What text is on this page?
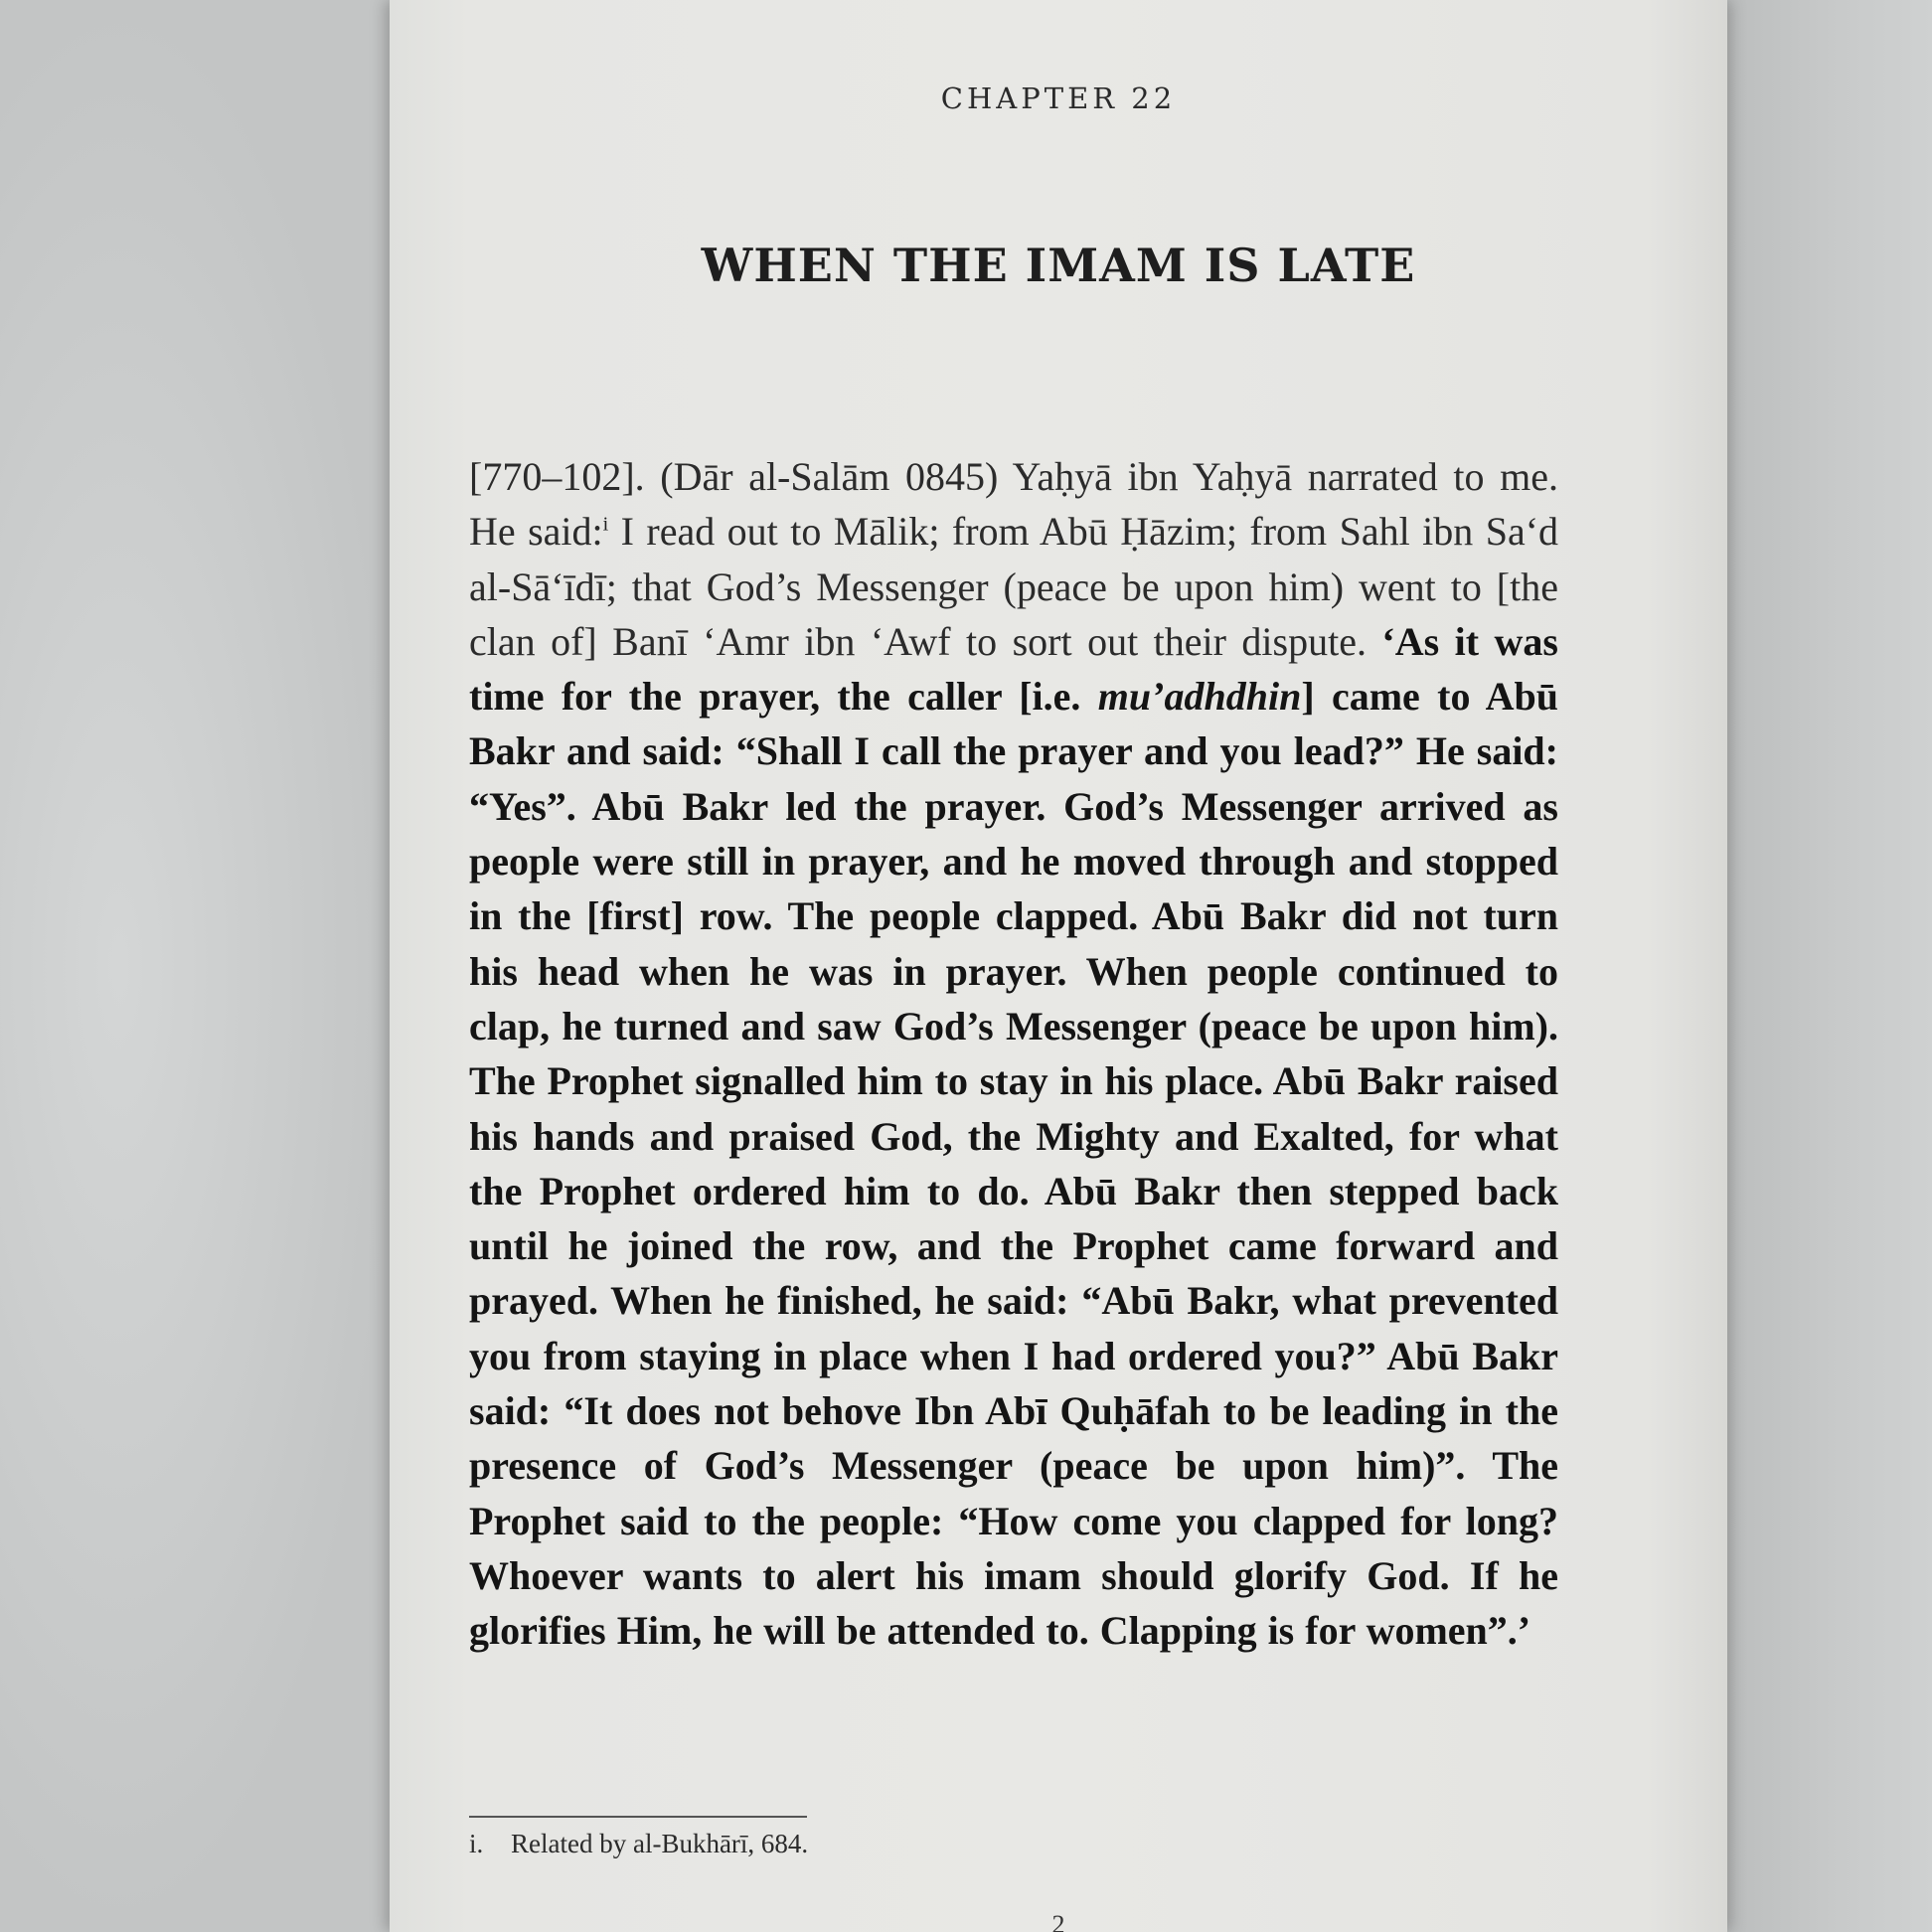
CHAPTER 22
WHEN THE IMAM IS LATE

[770–102]. (Dār al-Salām 0845) Yaḥyā ibn Yaḥyā narrated to me. He said:$^i$ I read out to Mālik; from Abū Ḥāzim; from Sahl ibn Sa‘d al-Sā‘īdī; that God’s Messenger (peace be upon him) went to [the clan of] Banī ‘Amr ibn ‘Awf to sort out their dispute. ‘As it was time for the prayer, the caller [i.e. mu’adhdhin] came to Abū Bakr and said: “Shall I call the prayer and you lead?” He said: “Yes”. Abū Bakr led the prayer. God’s Messenger arrived as people were still in prayer, and he moved through and stopped in the [first] row. The people clapped. Abū Bakr did not turn his head when he was in prayer. When people continued to clap, he turned and saw God’s Messenger (peace be upon him). The Prophet signalled him to stay in his place. Abū Bakr raised his hands and praised God, the Mighty and Exalted, for what the Prophet ordered him to do. Abū Bakr then stepped back until he joined the row, and the Prophet came forward and prayed. When he finished, he said: “Abū Bakr, what prevented you from staying in place when I had ordered you?” Abū Bakr said: “It does not behove Ibn Abī Quḥāfah to be leading in the presence of God’s Messenger (peace be upon him)”. The Prophet said to the people: “How come you clapped for long? Whoever wants to alert his imam should glorify God. If he glorifies Him, he will be attended to. Clapping is for women”.’

i. Related by al-Bukhārī, 684.

2
